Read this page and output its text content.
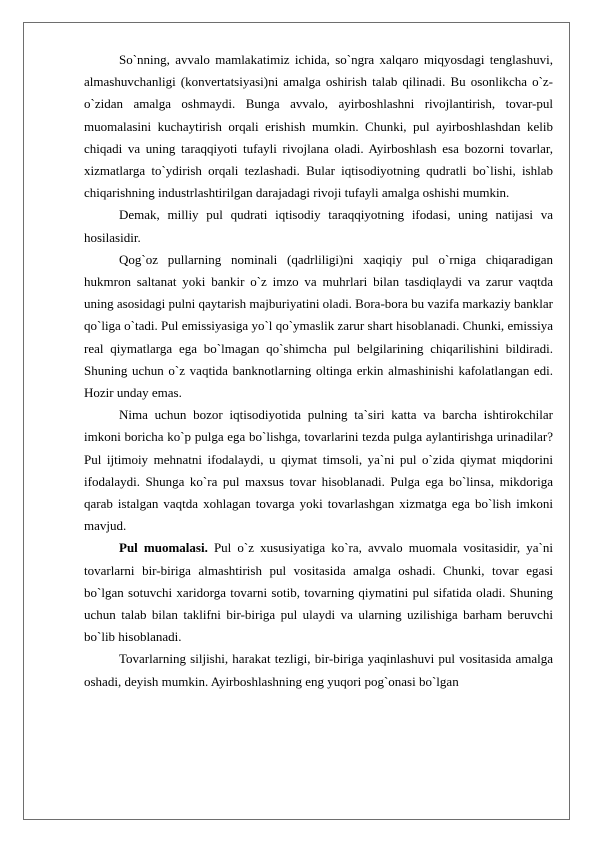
So`nning, avvalo mamlakatimiz ichida, so`ngra xalqaro miqyosdagi tenglashuvi, almashuvchanligi (konvertatsiyasi)ni amalga oshirish talab qilinadi. Bu osonlikcha o`z-o`zidan amalga oshmaydi. Bunga avvalo, ayirboshlashni rivojlantirish, tovar-pul muomalasini kuchaytirish orqali erishish mumkin. Chunki, pul ayirboshlashdan kelib chiqadi va uning taraqqiyoti tufayli rivojlana oladi. Ayirboshlash esa bozorni tovarlar, xizmatlarga to`ydirish orqali tezlashadi. Bular iqtisodiyotning qudratli bo`lishi, ishlab chiqarishning industrlashtirilgan darajadagi rivoji tufayli amalga oshishi mumkin.

Demak, milliy pul qudrati iqtisodiy taraqqiyotning ifodasi, uning natijasi va hosilasidir.

Qog`oz pullarning nominali (qadrliligi)ni xaqiqiy pul o`rniga chiqaradigan hukmron saltanat yoki bankir o`z imzo va muhrlari bilan tasdiqlaydi va zarur vaqtda uning asosidagi pulni qaytarish majburiyatini oladi. Bora-bora bu vazifa markaziy banklar qo`liga o`tadi. Pul emissiyasiga yo`l qo`ymaslik zarur shart hisoblanadi. Chunki, emissiya real qiymatlarga ega bo`lmagan qo`shimcha pul belgilarining chiqarilishini bildiradi. Shuning uchun o`z vaqtida banknotlarning oltinga erkin almashinishi kafolatlangan edi. Hozir unday emas.

Nima uchun bozor iqtisodiyotida pulning ta`siri katta va barcha ishtirokchilar imkoni boricha ko`p pulga ega bo`lishga, tovarlarini tezda pulga aylantirishga urinadilar? Pul ijtimoiy mehnatni ifodalaydi, u qiymat timsoli, ya`ni pul o`zida qiymat miqdorini ifodalaydi. Shunga ko`ra pul maxsus tovar hisoblanadi. Pulga ega bo`linsa, mikdoriga qarab istalgan vaqtda xohlagan tovarga yoki tovarlashgan xizmatga ega bo`lish imkoni mavjud.

Pul muomalasi. Pul o`z xususiyatiga ko`ra, avvalo muomala vositasidir, ya`ni tovarlarni bir-biriga almashtirish pul vositasida amalga oshadi. Chunki, tovar egasi bo`lgan sotuvchi xaridorga tovarni sotib, tovarning qiymatini pul sifatida oladi. Shuning uchun talab bilan taklifni bir-biriga pul ulaydi va ularning uzilishiga barham beruvchi bo`lib hisoblanadi.

Tovarlarning siljishi, harakat tezligi, bir-biriga yaqinlashuvi pul vositasida amalga oshadi, deyish mumkin. Ayirboshlashning eng yuqori pog`onasi bo`lgan
